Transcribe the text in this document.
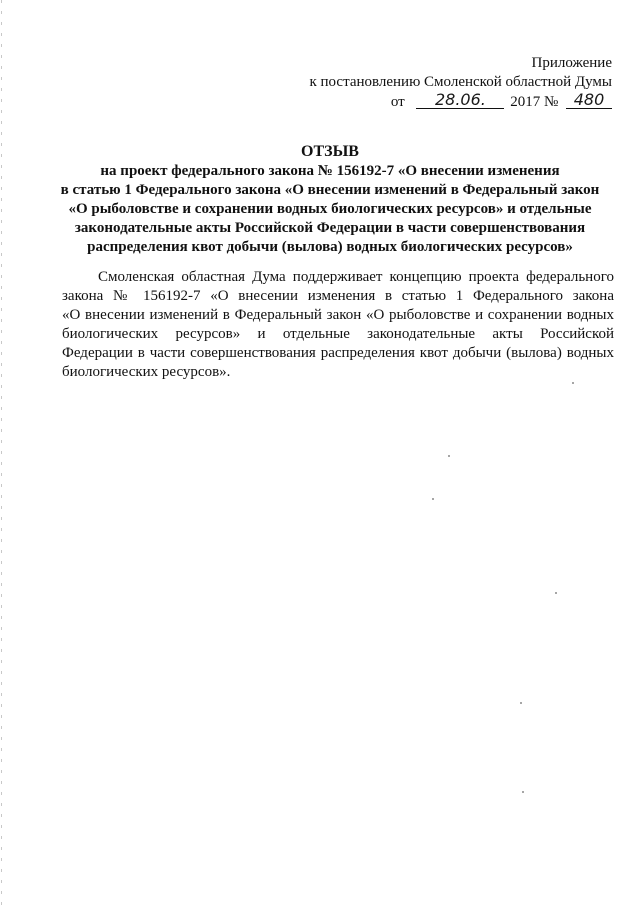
Приложение
к постановлению Смоленской областной Думы
от 28.06. 2017 № 480
ОТЗЫВ
на проект федерального закона № 156192-7 «О внесении изменения
в статью 1 Федерального закона «О внесении изменений в Федеральный закон
«О рыболовстве и сохранении водных биологических ресурсов» и отдельные
законодательные акты Российской Федерации в части совершенствования
распределения квот добычи (вылова) водных биологических ресурсов»
Смоленская областная Дума поддерживает концепцию проекта федерального
закона № 156192-7 «О внесении изменения в статью 1 Федерального закона
«О внесении изменений в Федеральный закон «О рыболовстве и сохранении водных
биологических ресурсов» и отдельные законодательные акты Российской
Федерации в части совершенствования распределения квот добычи (вылова) водных
биологических ресурсов».
